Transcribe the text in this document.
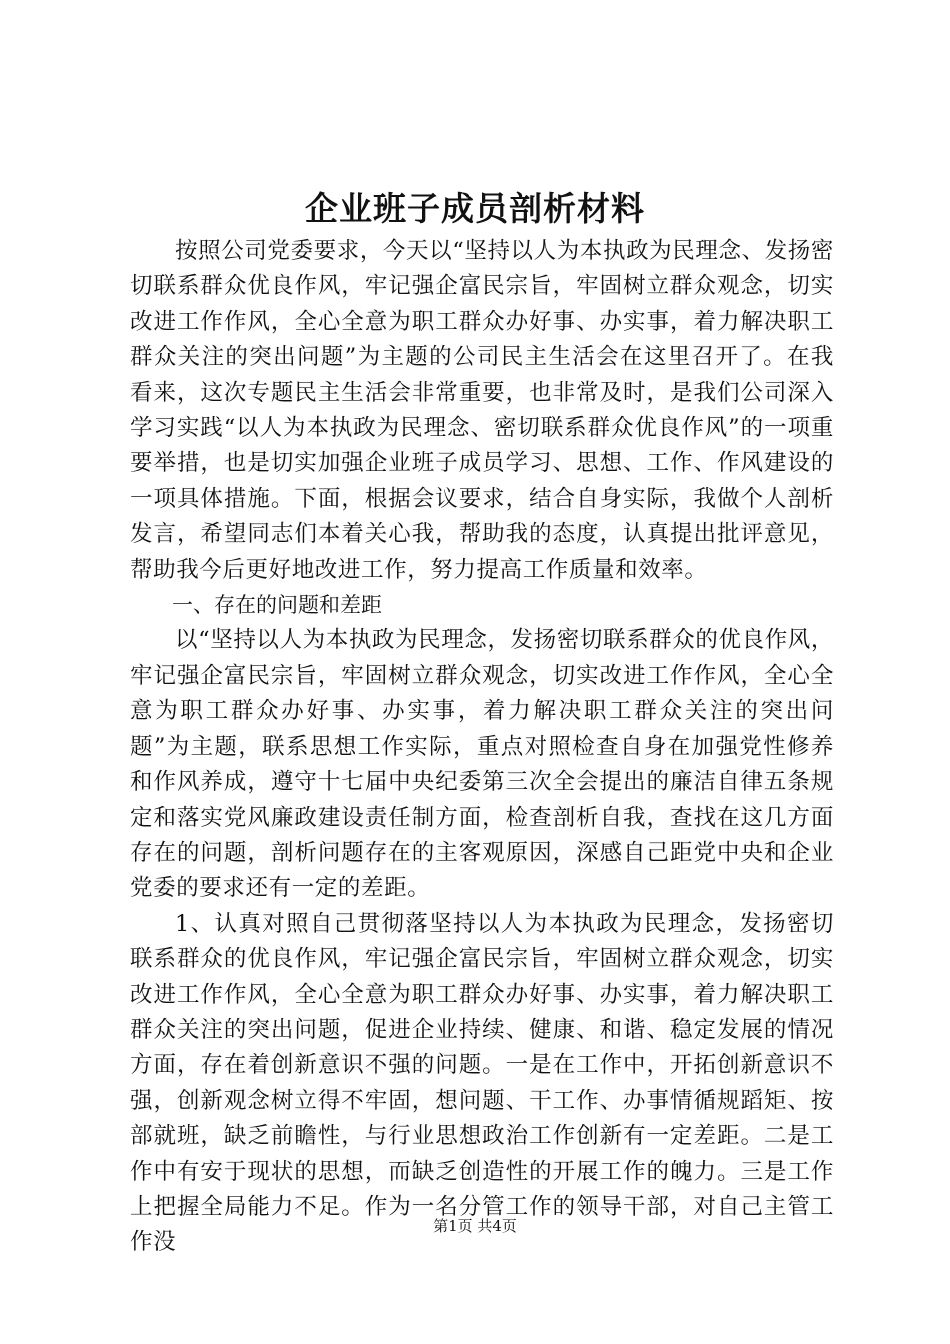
企业班子成员剖析材料

按照公司党委要求，今天以“坚持以人为本执政为民理念、发扬密切联系群众优良作风，牢记强企富民宗旨，牢固树立群众观念，切实改进工作作风，全心全意为职工群众办好事、办实事，着力解决职工群众关注的突出问题”为主题的公司民主生活会在这里召开了。在我看来，这次专题民主生活会非常重要，也非常及时，是我们公司深入学习实践“以人为本执政为民理念、密切联系群众优良作风”的一项重要举措，也是切实加强企业班子成员学习、思想、工作、作风建设的一项具体措施。下面，根据会议要求，结合自身实际，我做个人剖析发言，希望同志们本着关心我，帮助我的态度，认真提出批评意见，帮助我今后更好地改进工作，努力提高工作质量和效率。

一、存在的问题和差距

以“坚持以人为本执政为民理念，发扬密切联系群众的优良作风，牢记强企富民宗旨，牢固树立群众观念，切实改进工作作风，全心全意为职工群众办好事、办实事，着力解决职工群众关注的突出问题”为主题，联系思想工作实际，重点对照检查自身在加强党性修养和作风养成，遵守十七届中央纪委第三次全会提出的廉洁自律五条规定和落实党风廉政建设责任制方面，检查剖析自我，查找在这几方面存在的问题，剖析问题存在的主客观原因，深感自己距党中央和企业党委的要求还有一定的差距。

1、认真对照自己贯彻落坚持以人为本执政为民理念，发扬密切联系群众的优良作风，牢记强企富民宗旨，牢固树立群众观念，切实改进工作作风，全心全意为职工群众办好事、办实事，着力解决职工群众关注的突出问题，促进企业持续、健康、和谐、稳定发展的情况方面，存在着创新意识不强的问题。一是在工作中，开拓创新意识不强，创新观念树立得不牢固，想问题、干工作、办事情循规蹈矩、按部就班，缺乏前瞻性，与行业思想政治工作创新有一定差距。二是工作中有安于现状的思想，而缺乏创造性的开展工作的魄力。三是工作上把握全局能力不足。作为一名分管工作的领导干部，对自己主管工作没

第1页 共4页
